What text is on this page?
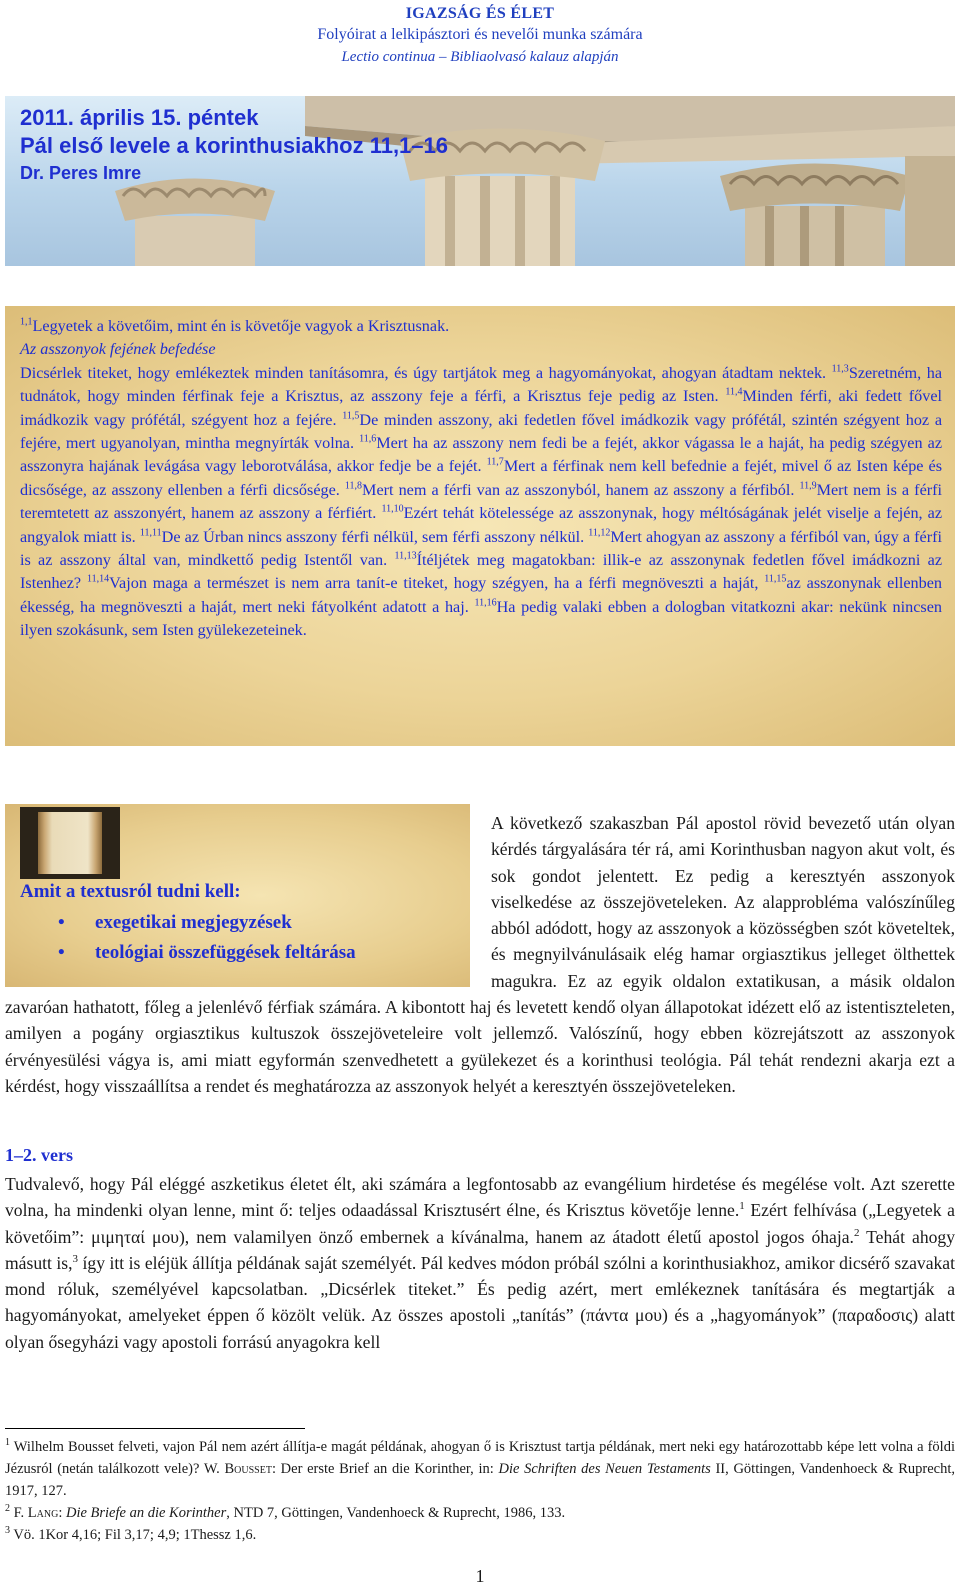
IGAZSÁG ÉS ÉLET
Folyóirat a lelkipásztori és nevelői munka számára
Lectio continua – Bibliaolvasó kalauz alapján
2011. április 15. péntek
Pál első levele a korinthusiakhoz 11,1–16
Dr. Peres Imre
$^{1,1}$Legyetek a követőim, mint én is követője vagyok a Krisztusnak.
Az asszonyok fejének befedése
Dicsérlek titeket, hogy emlékeztek minden tanításomra, és úgy tartjátok meg a hagyományokat, ahogyan átadtam nektek. $^{11,3}$Szeretném, ha tudnátok, hogy minden férfinak feje a Krisztus, az asszony feje a férfi, a Krisztus feje pedig az Isten. $^{11,4}$Minden férfi, aki fedett fővel imádkozik vagy prófétál, szégyent hoz a fejére. $^{11,5}$De minden asszony, aki fedetlen fővel imádkozik vagy prófétál, szintén szégyent hoz a fejére, mert ugyanolyan, mintha megnyírták volna. $^{11,6}$Mert ha az asszony nem fedi be a fejét, akkor vágassa le a haját, ha pedig szégyen az asszonyra hajának levágása vagy leborotválása, akkor fedje be a fejét. $^{11,7}$Mert a férfinak nem kell befednie a fejét, mivel ő az Isten képe és dicsősége, az asszony ellenben a férfi dicsősége. $^{11,8}$Mert nem a férfi van az asszonyból, hanem az asszony a férfiból. $^{11,9}$Mert nem is a férfi teremtetett az asszonyért, hanem az asszony a férfiért. $^{11,10}$Ezért tehát kötelessége az asszonynak, hogy méltóságának jelét viselje a fején, az angyalok miatt is. $^{11,11}$De az Úrban nincs asszony férfi nélkül, sem férfi asszony nélkül. $^{11,12}$Mert ahogyan az asszony a férfiból van, úgy a férfi is az asszony által van, mindkettő pedig Istentől van. $^{11,13}$Ítéljétek meg magatokban: illik-e az asszonynak fedetlen fővel imádkozni az Istenhez? $^{11,14}$Vajon maga a természet is nem arra tanít-e titeket, hogy szégyen, ha a férfi megnöveszti a haját, $^{11,15}$az asszonynak ellenben ékesség, ha megnöveszti a haját, mert neki fátyolként adatott a haj. $^{11,16}$Ha pedig valaki ebben a dologban vitatkozni akar: nekünk nincsen ilyen szokásunk, sem Isten gyülekezeteinek.
Amit a textusról tudni kell:
• exegetikai megjegyzések
• teológiai összefüggések feltárása
A következő szakaszban Pál apostol rövid bevezető után olyan kérdés tárgyalására tér rá, ami Korinthusban nagyon akut volt, és sok gondot jelentett. Ez pedig a keresztyén asszonyok viselkedése az összejöveteleken. Az alapprobléma valószínűleg abból adódott, hogy az asszonyok a közösségben szót követeltek, és megnyilvánulásaik elég hamar orgiasztikus jelleget ölthettek magukra. Ez az egyik oldalon extatikusan, a másik oldalon zavaróan hathatott, főleg a jelenlévő férfiak számára. A kibontott haj és levetett kendő olyan állapotokat idézett elő az istentiszteleten, amilyen a pogány orgiasztikus kultuszok összejöveteleire volt jellemző. Valószínű, hogy ebben közrejátszott az asszonyok érvényesülési vágya is, ami miatt egyformán szenvedhetett a gyülekezet és a korinthusi teológia. Pál tehát rendezni akarja ezt a kérdést, hogy visszaállítsa a rendet és meghatározza az asszonyok helyét a keresztyén összejöveteleken.
1–2. vers
Tudvalevő, hogy Pál eléggé aszketikus életet élt, aki számára a legfontosabb az evangélium hirdetése és megélése volt. Azt szerette volna, ha mindenki olyan lenne, mint ő: teljes odaadással Krisztusért élne, és Krisztus követője lenne.$^1$ Ezért felhívása („Legyetek a követőim”: μιμηταί μου), nem valamilyen önző embernek a kívánalma, hanem az átadott életű apostol jogos óhaja.$^2$ Tehát ahogy másutt is,$^3$ így itt is eléjük állítja példának saját személyét. Pál kedves módon próbál szólni a korinthusiakhoz, amikor dicsérő szavakat mond róluk, személyével kapcsolatban. „Dicsérlek titeket.” És pedig azért, mert emlékeznek tanítására és megtartják a hagyományokat, amelyeket éppen ő közölt velük. Az összes apostoli „tanítás” (πάντα μου) és a „hagyományok” (παραδοσις) alatt olyan ősegyházi vagy apostoli forrású anyagokra kell
$^1$ Wilhelm Bousset felveti, vajon Pál nem azért állítja-e magát példának, ahogyan ő is Krisztust tartja példának, mert neki egy határozottabb képe lett volna a földi Jézusról (netán találkozott vele)? W. Bousset: Der erste Brief an die Korinther, in: Die Schriften des Neuen Testaments II, Göttingen, Vandenhoeck & Ruprecht, 1917, 127.
$^2$ F. Lang: Die Briefe an die Korinther, NTD 7, Göttingen, Vandenhoeck & Ruprecht, 1986, 133.
$^3$ Vö. 1Kor 4,16; Fil 3,17; 4,9; 1Thessz 1,6.
1
